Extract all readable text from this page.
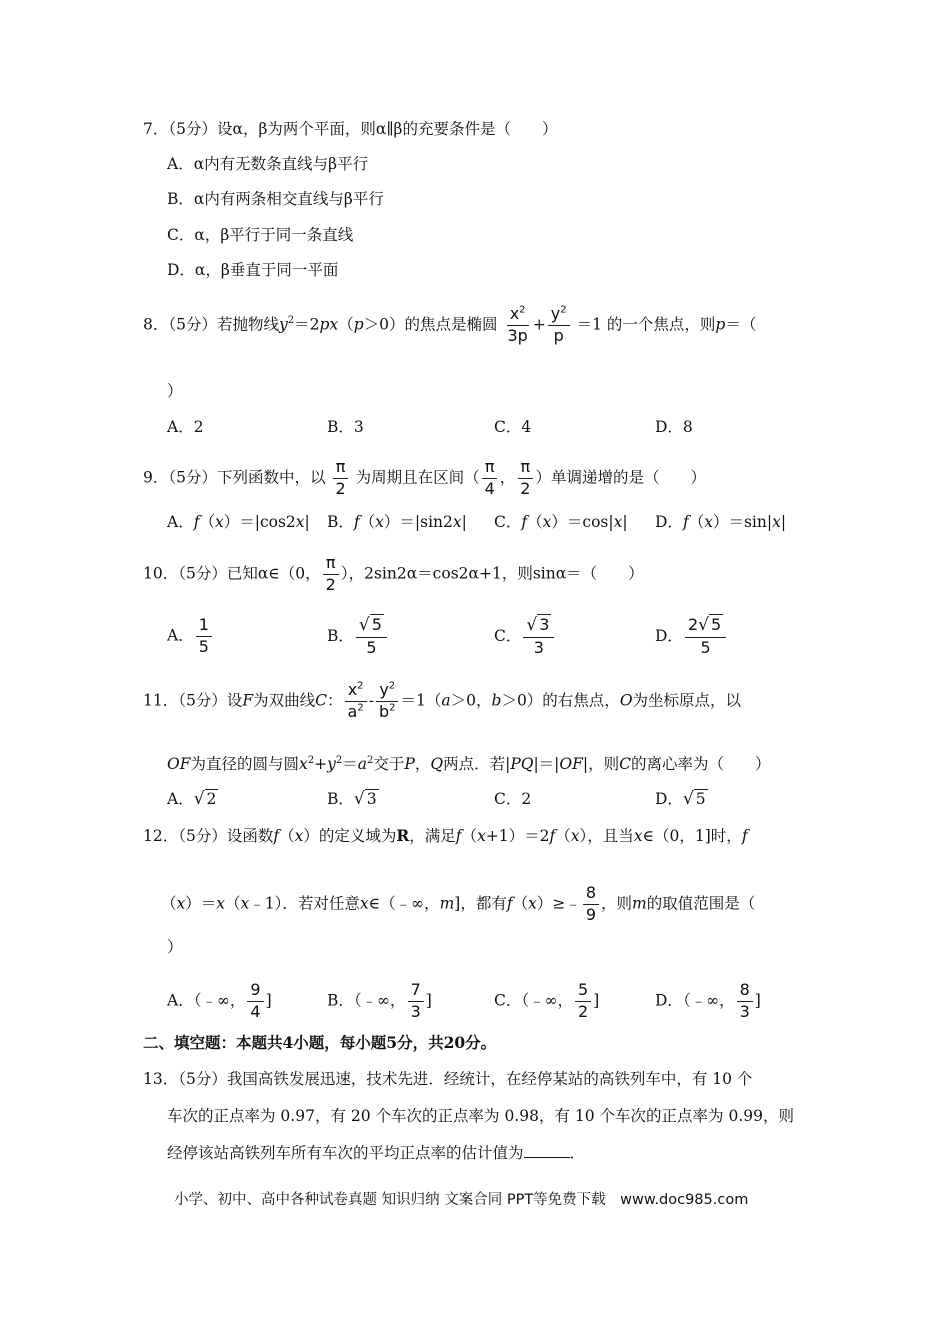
7．（5分）设α，β为两个平面，则α∥β的充要条件是（　　）
A．α内有无数条直线与β平行
B．α内有两条相交直线与β平行
C．α，β平行于同一条直线
D．α，β垂直于同一平面
8．（5分）若抛物线$y^2=2px(p>0)$的焦点是椭圆 $\frac{x^2}{3p} + \frac{y^2}{p} =1$ 的一个焦点，则p＝（
）
A．2	B．3	C．4	D．8
9．（5分）下列函数中，以 $\frac{\pi}{2}$ 为周期且在区间（ $\frac{\pi}{4}$ ， $\frac{\pi}{2}$ ）单调递增的是（　　）
A．f（x）＝|cos2x| B．f（x）＝|sin2x| C．f（x）＝cos|x| D．f（x）＝sin|x|
10．（5分）已知α∈（0， $\frac{\pi}{2}$ ），2sin2α＝cos2α+1，则sinα＝（　　）
A． $\frac{1}{5}$	B． $\frac{√ 5}{5}$	C． $\frac{√ 3}{3}$	D． $\frac{2√ 5}{5}$
11．（5分）设F为双曲线C： $\frac{x^2}{a^2} - \frac{y^2}{b^2} =1(a>0$，b＞0）的右焦点，O为坐标原点，以
OF为直径的圆与圆$x^2+y^2=a^2$交于P，Q两点．若|PQ|＝|OF|，则C的离心率为（　　）
A．√ 2	B．√ 3	C．2	D．√ 5
12．（5分）设函数f（x）的定义域为R，满足f（x+1）＝2f（x），且当x∈（0，1]时，f
（x）＝x（x﹣1）．若对任意x∈（﹣∞，m]，都有f（x）≥﹣ $\frac{8}{9}$ ，则m的取值范围是（
）
A．（﹣∞， $\frac{9}{4}$ ]	B．（﹣∞， $\frac{7}{3}$ ]	C．（﹣∞， $\frac{5}{2}$ ]	D．（﹣∞， $\frac{8}{3}$ ]
二、填空题：本题共4小题，每小题5分，共20分。
13．（5分）我国高铁发展迅速，技术先进．经统计，在经停某站的高铁列车中，有 10 个
车次的正点率为 0.97，有 20 个车次的正点率为 0.98，有 10 个车次的正点率为 0.99，则
经停该站高铁列车所有车次的平均正点率的估计值为	．
小学、初中、高中各种试卷真题 知识归纳 文案合同 PPT等免费下载　www.doc985.com
